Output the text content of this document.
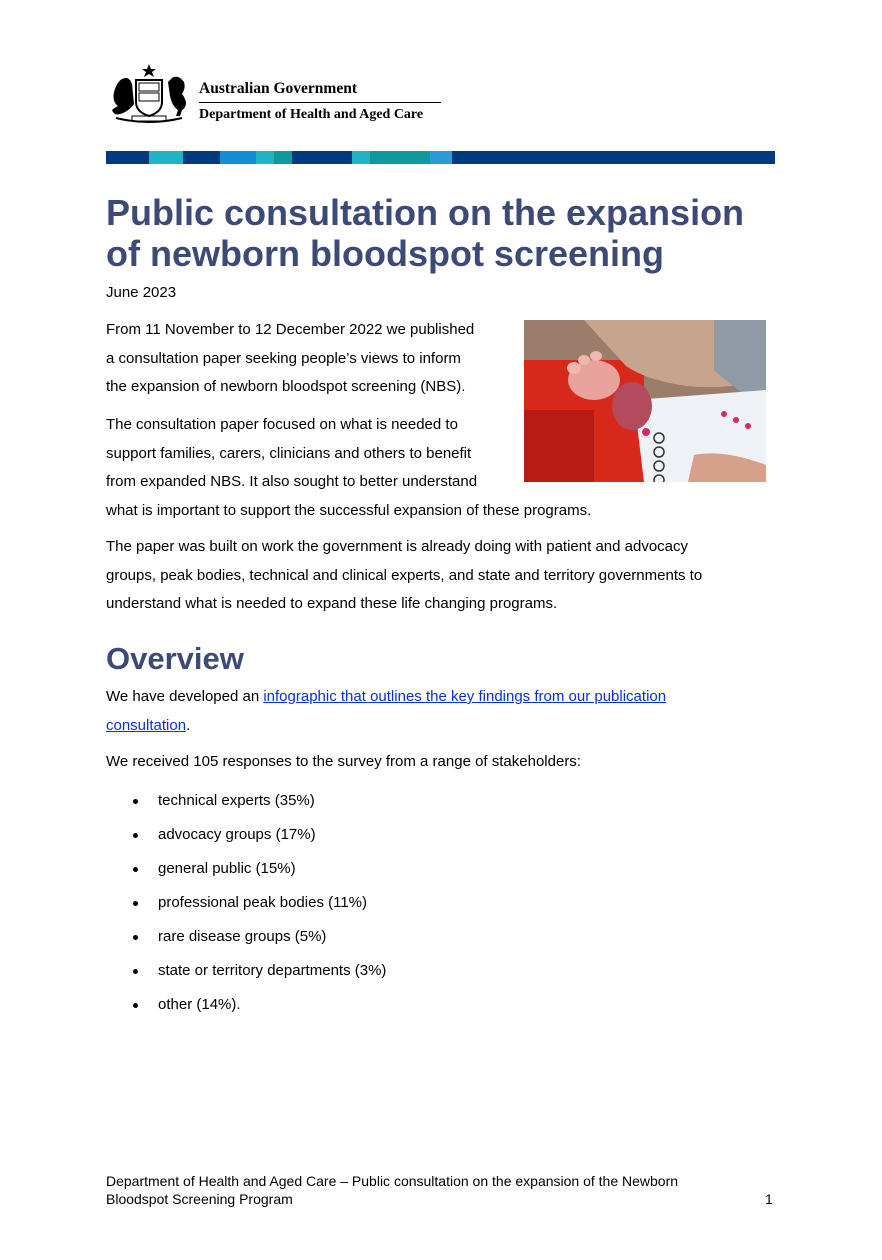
Australian Government
Department of Health and Aged Care
Public consultation on the expansion of newborn bloodspot screening
June 2023
From 11 November to 12 December 2022 we published
a consultation paper seeking people’s views to inform
the expansion of newborn bloodspot screening (NBS).
The consultation paper focused on what is needed to
support families, carers, clinicians and others to benefit
from expanded NBS. It also sought to better understand
what is important to support the successful expansion of these programs.
The paper was built on work the government is already doing with patient and advocacy
groups, peak bodies, technical and clinical experts, and state and territory governments to
understand what is needed to expand these life changing programs.
Overview
We have developed an infographic that outlines the key findings from our publication
consultation.
We received 105 responses to the survey from a range of stakeholders:
technical experts (35%)
advocacy groups (17%)
general public (15%)
professional peak bodies (11%)
rare disease groups (5%)
state or territory departments (3%)
other (14%).
Department of Health and Aged Care – Public consultation on the expansion of the Newborn
Bloodspot Screening Program	1
